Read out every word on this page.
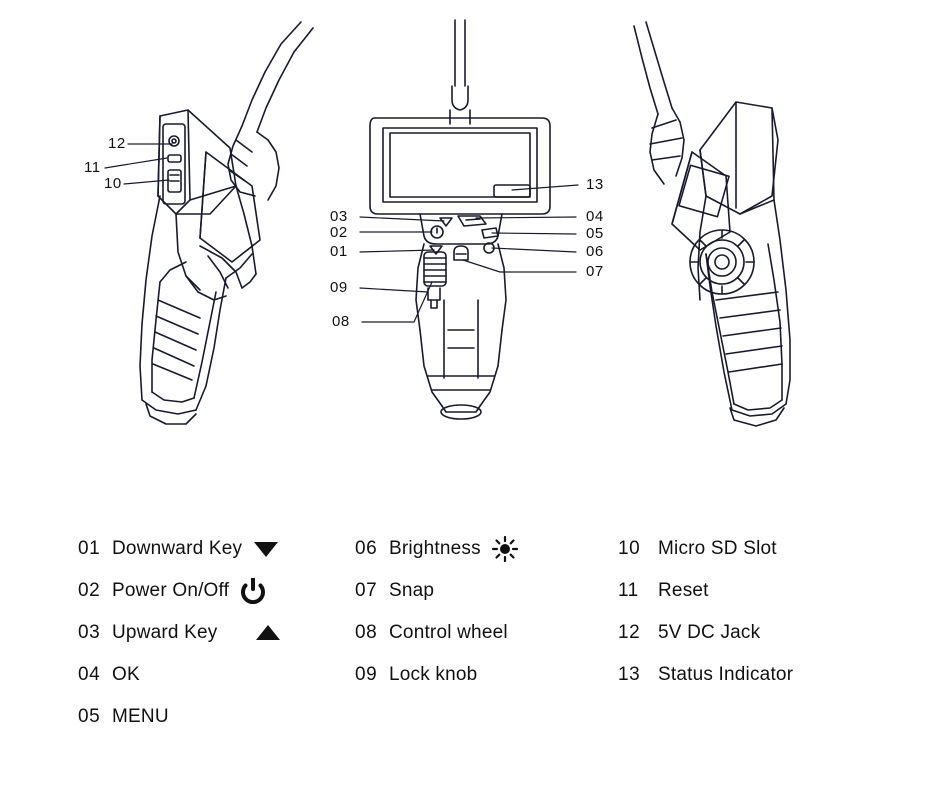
12
11
10	13
03	04
02	05
01	06
07
09
08
01 Downward Key
02 Power On/Off
03 Upward Key
04 OK
05 MENU
06 Brightness
07 Snap
08 Control wheel
09 Lock knob
10 Micro SD Slot
11	Reset
12 5V DC Jack
13 Status Indicator
